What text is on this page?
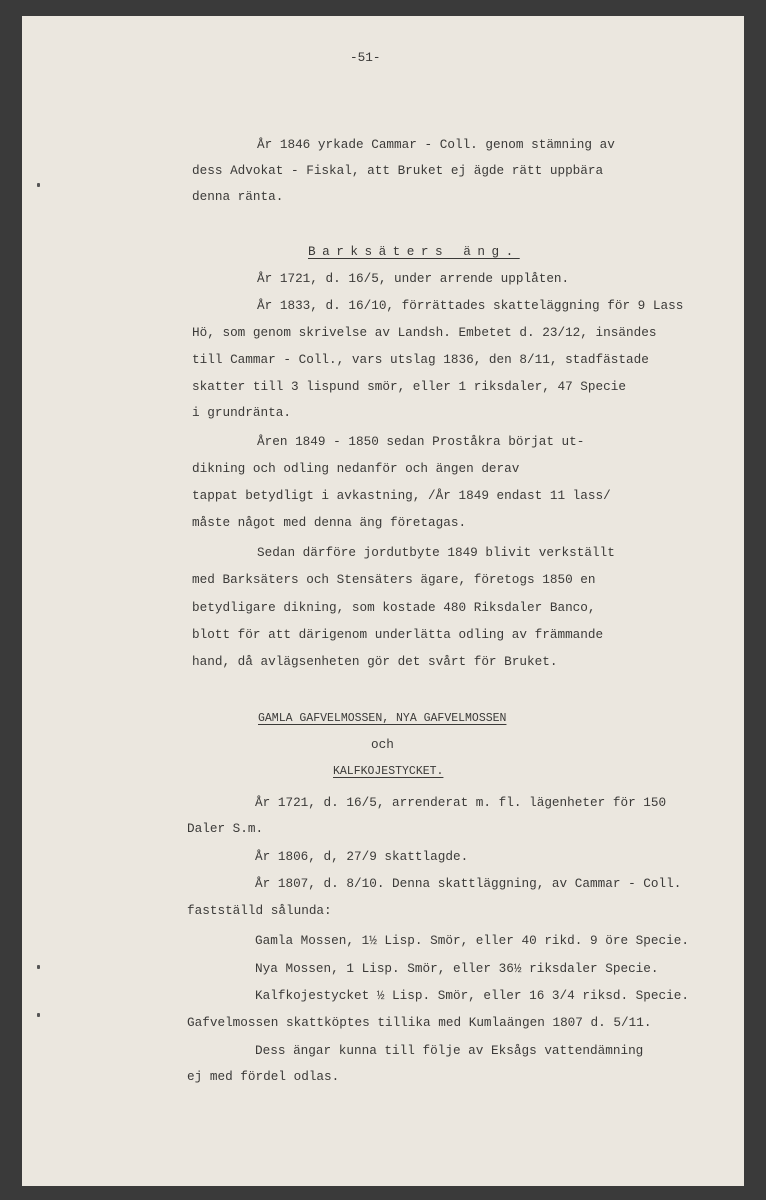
-51-
År 1846 yrkade Cammar - Coll. genom stämning av
dess Advokat - Fiskal, att Bruket ej ägde rätt uppbära
denna ränta.
Barksäters äng.
År 1721, d. 16/5, under arrende upplåten.
År 1833, d. 16/10, förrättades skatteläggning för 9 Lass
Hö, som genom skrivelse av Landsh. Embetet d. 23/12, insändes
till Cammar - Coll., vars utslag 1836, den 8/11, stadfästade
skatter till 3 lispund smör, eller 1 riksdaler, 47 Specie
i grundränta.
Åren 1849 - 1850 sedan Proståkra börjat ut-
dikning och odling nedanför och ängen derav
tappat betydligt i avkastning, /År 1849 endast 11 lass/
måste något med denna äng företagas.
Sedan därföre jordutbyte 1849 blivit verkställt
med Barksäters och Stensäters ägare, företogs 1850 en
betydligare dikning, som kostade 480 Riksdaler Banco,
blott för att därigenom underlätta odling av främmande
hand, då avlägsenheten gör det svårt för Bruket.
GAMLA GAFVELMOSSEN, NYA GAFVELMOSSEN
och
KALFKOJESTYCKET.
År 1721, d. 16/5, arrenderat m. fl. lägenheter för 150
Daler S.m.
År 1806, d, 27/9 skattlagde.
År 1807, d. 8/10. Denna skattläggning, av Cammar - Coll.
fastställd sålunda:
Gamla Mossen, 1½ Lisp. Smör, eller 40 rikd. 9 öre Specie.
Nya Mossen, 1 Lisp. Smör, eller 36½ riksdaler Specie.
Kalfkojestycket ½ Lisp. Smör, eller 16 3/4 riksd. Specie.
Gafvelmossen skattköptes tillika med Kumlaängen 1807 d. 5/11.
Dess ängar kunna till följe av Eksågs vattendämning
ej med fördel odlas.
